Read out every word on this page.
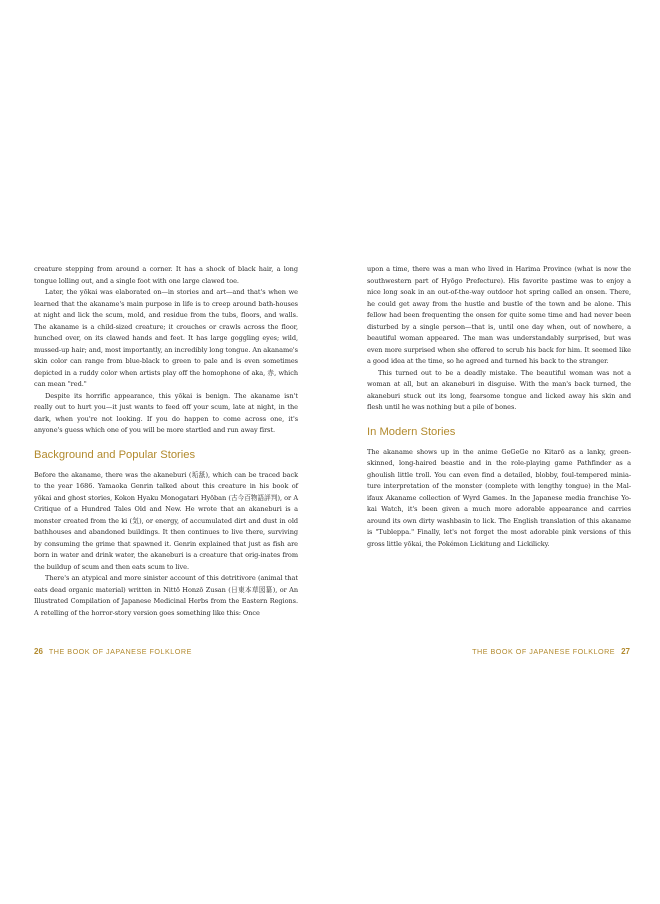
creature stepping from around a corner. It has a shock of black hair, a long tongue lolling out, and a single foot with one large clawed toe.

Later, the yōkai was elaborated on—in stories and art—and that's when we learned that the akaname's main purpose in life is to creep around bath-houses at night and lick the scum, mold, and residue from the tubs, floors, and walls. The akaname is a child-sized creature; it crouches or crawls across the floor, hunched over, on its clawed hands and feet. It has large goggling eyes; wild, mussed-up hair; and, most importantly, an incredibly long tongue. An akaname's skin color can range from blue-black to green to pale and is even sometimes depicted in a ruddy color when artists play off the homophone of aka, 赤, which can mean "red."

Despite its horrific appearance, this yōkai is benign. The akaname isn't really out to hurt you—it just wants to feed off your scum, late at night, in the dark, when you're not looking. If you do happen to come across one, it's anyone's guess which one of you will be more startled and run away first.

Background and Popular Stories

Before the akaname, there was the akaneburi (垢舐), which can be traced back to the year 1686. Yamaoka Genrin talked about this creature in his book of yōkai and ghost stories, Kokon Hyaku Monogatari Hyōban (古今百物語評判), or A Critique of a Hundred Tales Old and New. He wrote that an akaneburi is a monster created from the ki (気), or energy, of accumulated dirt and dust in old bathhouses and abandoned buildings. It then continues to live there, surviving by consuming the grime that spawned it. Genrin explained that just as fish are born in water and drink water, the akaneburi is a creature that orig-inates from the buildup of scum and then eats scum to live.

There's an atypical and more sinister account of this detritivore (animal that eats dead organic material) written in Nittō Honzō Zusan (日東本草図纂), or An Illustrated Compilation of Japanese Medicinal Herbs from the Eastern Regions. A retelling of the horror-story version goes something like this: Once

upon a time, there was a man who lived in Harima Province (what is now the southwestern part of Hyōgo Prefecture). His favorite pastime was to enjoy a nice long soak in an out-of-the-way outdoor hot spring called an onsen. There, he could get away from the hustle and bustle of the town and be alone. This fellow had been frequenting the onsen for quite some time and had never been disturbed by a single person—that is, until one day when, out of nowhere, a beautiful woman appeared. The man was understandably surprised, but was even more surprised when she offered to scrub his back for him. It seemed like a good idea at the time, so he agreed and turned his back to the stranger.

This turned out to be a deadly mistake. The beautiful woman was not a woman at all, but an akaneburi in disguise. With the man's back turned, the akaneburi stuck out its long, fearsome tongue and licked away his skin and flesh until he was nothing but a pile of bones.

In Modern Stories

The akaname shows up in the anime GeGeGe no Kitarō as a lanky, green-skinned, long-haired beastie and in the role-playing game Pathfinder as a ghoulish little troll. You can even find a detailed, blobby, foul-tempered minia-ture interpretation of the monster (complete with lengthy tongue) in the Mal-ifaux Akaname collection of Wyrd Games. In the Japanese media franchise Yo-kai Watch, it's been given a much more adorable appearance and carries around its own dirty washbasin to lick. The English translation of this akaname is "Tubleppa." Finally, let's not forget the most adorable pink versions of this gross little yōkai, the Pokémon Lickitung and Lickilicky.

26 THE BOOK OF JAPANESE FOLKLORE	THE BOOK OF JAPANESE FOLKLORE 27
